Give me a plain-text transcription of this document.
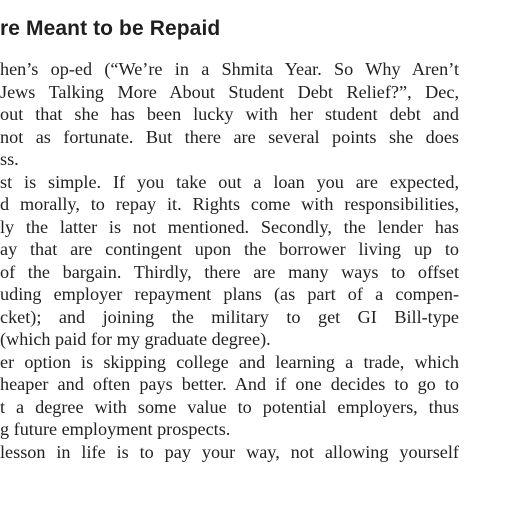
re Meant to be Repaid
hen’s op-ed (“We’re in a Shmita Year. So Why Aren’t
Jews Talking More About Student Debt Relief?”, Dec,
out that she has been lucky with her student debt and
not as fortunate. But there are several points she does
ss.
st is simple. If you take out a loan you are expected,
d morally, to repay it. Rights come with responsibilities,
ly the latter is not mentioned. Secondly, the lender has
ay that are contingent upon the borrower living up to
of the bargain. Thirdly, there are many ways to offset
uding employer repayment plans (as part of a compen-
cket); and joining the military to get GI Bill-type
(which paid for my graduate degree).
er option is skipping college and learning a trade, which
heaper and often pays better. And if one decides to go to
t a degree with some value to potential employers, thus
g future employment prospects.
lesson in life is to pay your way, not allowing yourself
